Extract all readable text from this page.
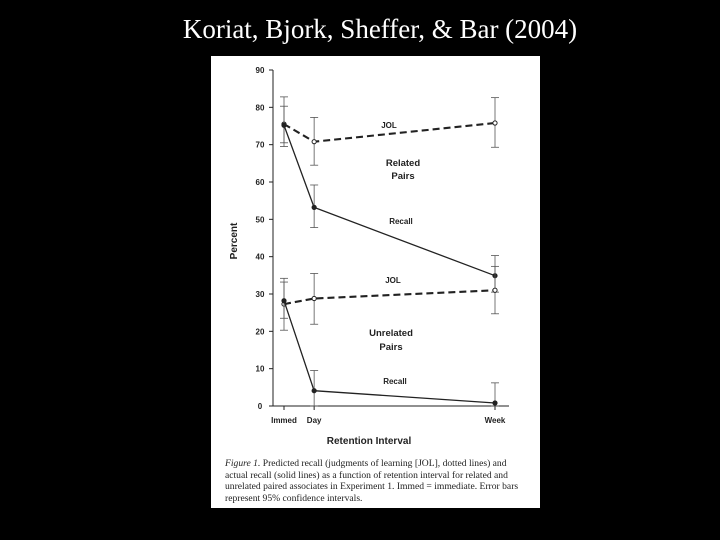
Koriat, Bjork, Sheffer, & Bar (2004)
0
10
20
30
40
50
60
70
80
90
Immed Day	Week
Retention Interval
Percent
JOL
Related
Pairs
Recall
JOL
Unrelated
Pairs
Recall
Figure 1. Predicted recall (judgments of learning [JOL], dotted lines) and actual recall (solid lines) as a function of retention interval for related and unrelated paired associates in Experiment 1. Immed = immediate. Error bars represent 95% confidence intervals.
